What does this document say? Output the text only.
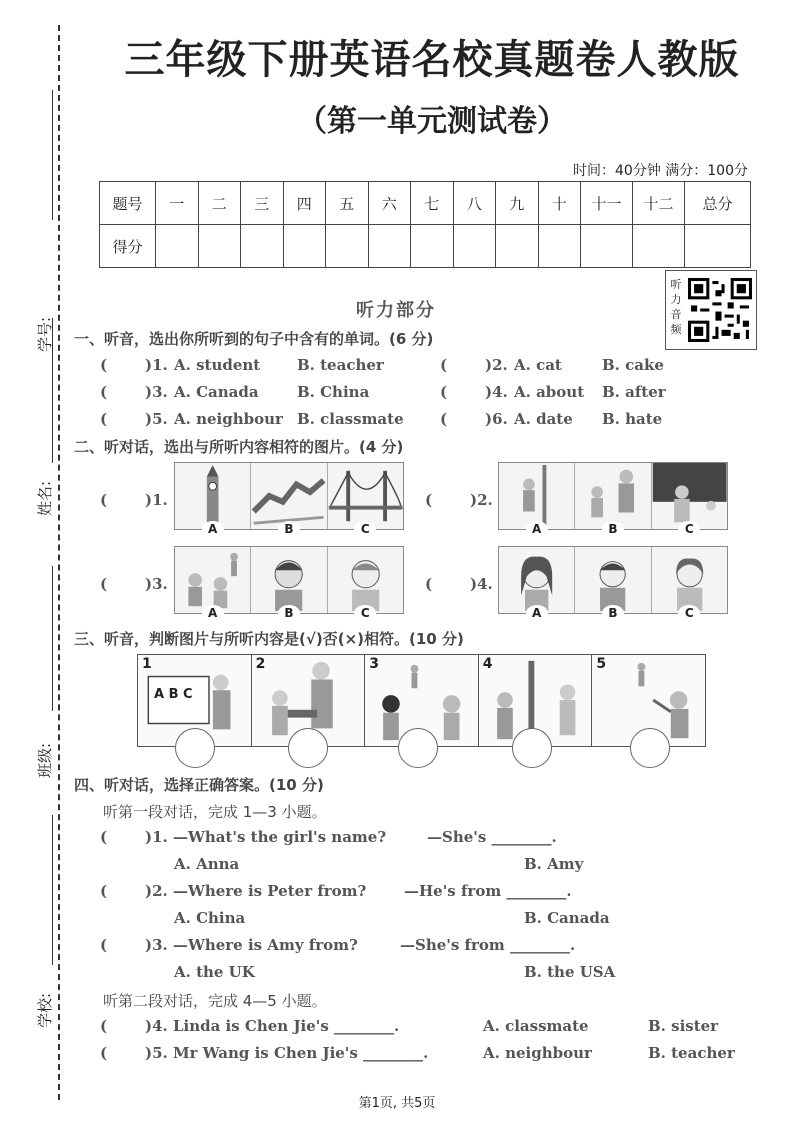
学号:
姓名:
班级:
学校:
三年级下册英语名校真题卷人教版
（第一单元测试卷）
时间：40分钟 满分：100分
题号	一	二	三	四	五	六	七	八	九	十	十一	十二	总分
得分													
听力音频
听力部分
一、听音，选出你所听到的句子中含有的单词。(6 分)
(	)1. A. student B. teacher	(	)2. A. cat	B. cake
(	)3. A. Canada	B. China	(	)4. A. about B. after
(	)5. A. neighbour B. classmate (	)6. A. date B. hate
二、听对话，选出与所听内容相符的图片。(4 分)
(	)1.
A	B	C
(	)2.
A	B	C
(	)3.
A	B	C
(	)4.
A	B	C
三、听音，判断图片与所听内容是(√)否(×)相符。(10 分)
1
A B C
2	3	4	5
四、听对话，选择正确答案。(10 分)
听第一段对话，完成 1—3 小题。
(	)1. —What's the girl's name?	—She's ________.
A. Anna	B. Amy
(	)2. —Where is Peter from?	—He's from ________.
A. China	B. Canada
(	)3. —Where is Amy from?	—She's from ________.
A. the UK	B. the USA
听第二段对话，完成 4—5 小题。
(	)4. Linda is Chen Jie's ________.	A. classmate	B. sister
(	)5. Mr Wang is Chen Jie's ________.	A. neighbour	B. teacher
第1页, 共5页
